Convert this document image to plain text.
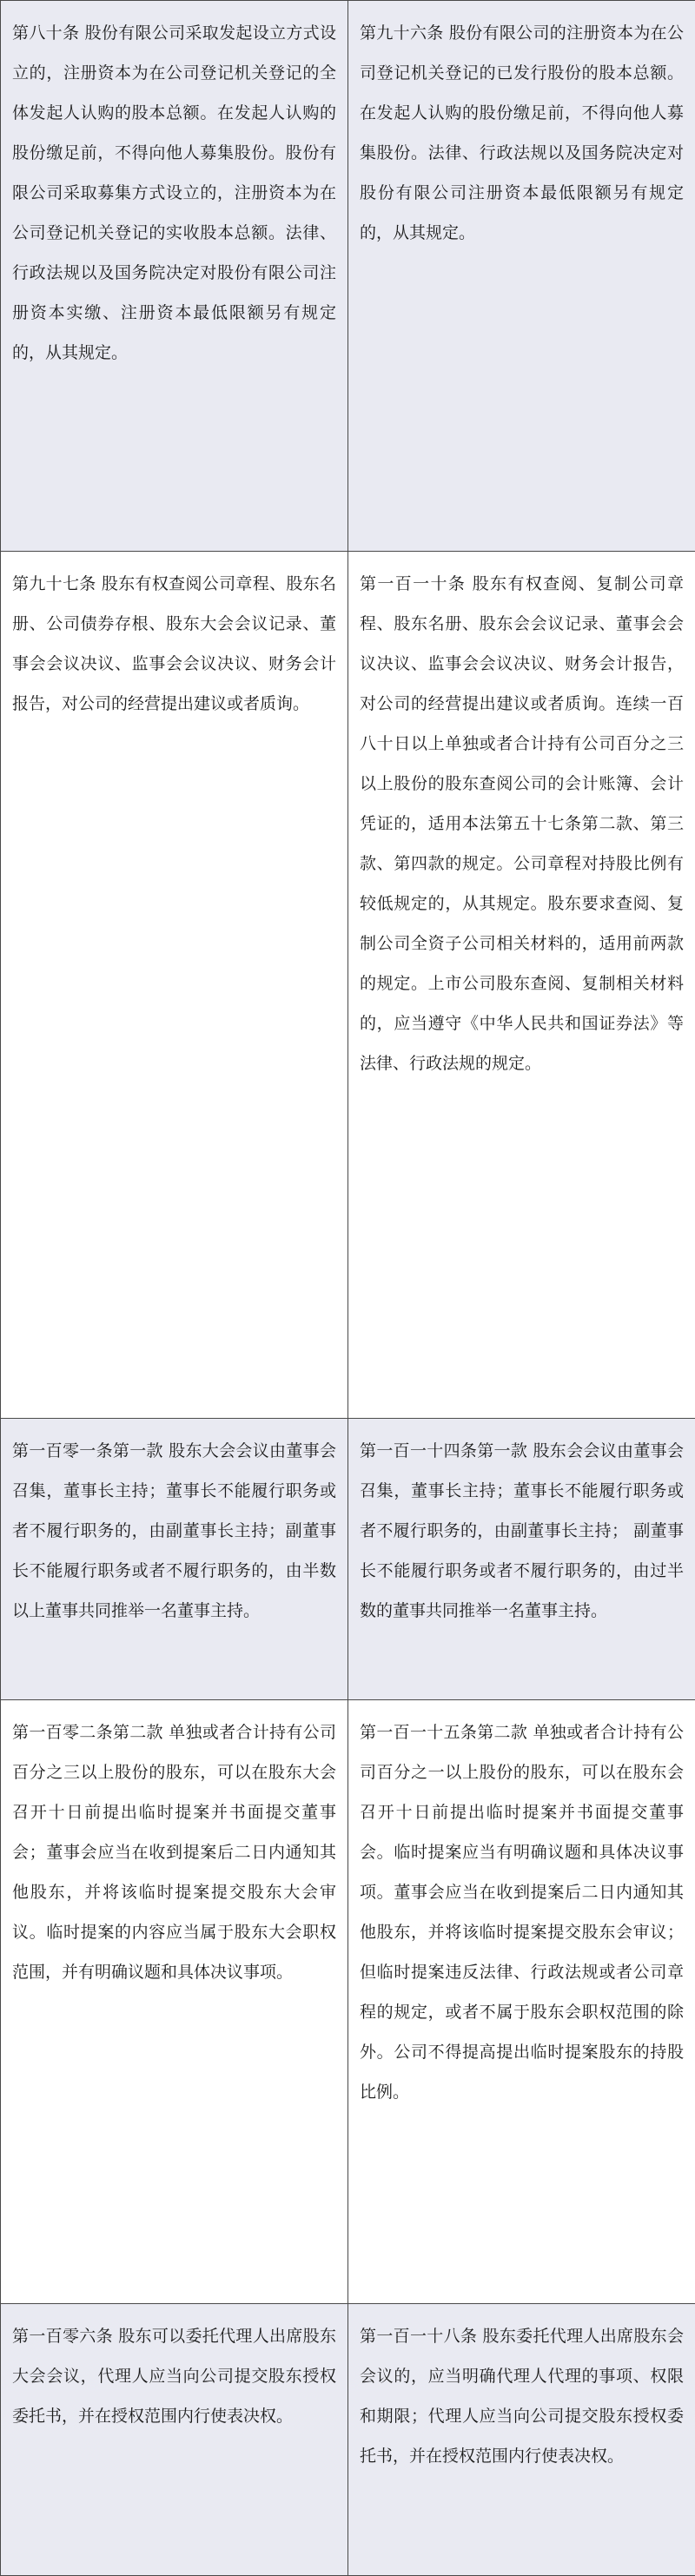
第八十条 股份有限公司采取发起设立方式设立的，注册资本为在公司登记机关登记的全体发起人认购的股本总额。在发起人认购的股份缴足前，不得向他人募集股份。股份有限公司采取募集方式设立的，注册资本为在公司登记机关登记的实收股本总额。法律、行政法规以及国务院决定对股份有限公司注册资本实缴、注册资本最低限额另有规定的，从其规定。	第九十六条 股份有限公司的注册资本为在公司登记机关登记的已发行股份的股本总额。在发起人认购的股份缴足前，不得向他人募集股份。法律、行政法规以及国务院决定对股份有限公司注册资本最低限额另有规定的，从其规定。
第九十七条 股东有权查阅公司章程、股东名册、公司债券存根、股东大会会议记录、董事会会议决议、监事会会议决议、财务会计报告，对公司的经营提出建议或者质询。	第一百一十条 股东有权查阅、复制公司章程、股东名册、股东会会议记录、董事会会议决议、监事会会议决议、财务会计报告，对公司的经营提出建议或者质询。连续一百八十日以上单独或者合计持有公司百分之三以上股份的股东查阅公司的会计账簿、会计凭证的，适用本法第五十七条第二款、第三款、第四款的规定。公司章程对持股比例有较低规定的，从其规定。股东要求查阅、复制公司全资子公司相关材料的，适用前两款的规定。上市公司股东查阅、复制相关材料的，应当遵守《中华人民共和国证券法》等法律、行政法规的规定。
第一百零一条第一款 股东大会会议由董事会召集，董事长主持；董事长不能履行职务或者不履行职务的，由副董事长主持；副董事长不能履行职务或者不履行职务的，由半数以上董事共同推举一名董事主持。	第一百一十四条第一款 股东会会议由董事会召集，董事长主持；董事长不能履行职务或者不履行职务的，由副董事长主持； 副董事长不能履行职务或者不履行职务的，由过半数的董事共同推举一名董事主持。
第一百零二条第二款 单独或者合计持有公司百分之三以上股份的股东，可以在股东大会召开十日前提出临时提案并书面提交董事会；董事会应当在收到提案后二日内通知其他股东，并将该临时提案提交股东大会审议。临时提案的内容应当属于股东大会职权范围，并有明确议题和具体决议事项。	第一百一十五条第二款 单独或者合计持有公司百分之一以上股份的股东，可以在股东会召开十日前提出临时提案并书面提交董事会。临时提案应当有明确议题和具体决议事项。董事会应当在收到提案后二日内通知其他股东，并将该临时提案提交股东会审议；但临时提案违反法律、行政法规或者公司章程的规定，或者不属于股东会职权范围的除外。公司不得提高提出临时提案股东的持股比例。
第一百零六条 股东可以委托代理人出席股东大会会议，代理人应当向公司提交股东授权委托书，并在授权范围内行使表决权。	第一百一十八条 股东委托代理人出席股东会会议的，应当明确代理人代理的事项、权限和期限；代理人应当向公司提交股东授权委托书，并在授权范围内行使表决权。
